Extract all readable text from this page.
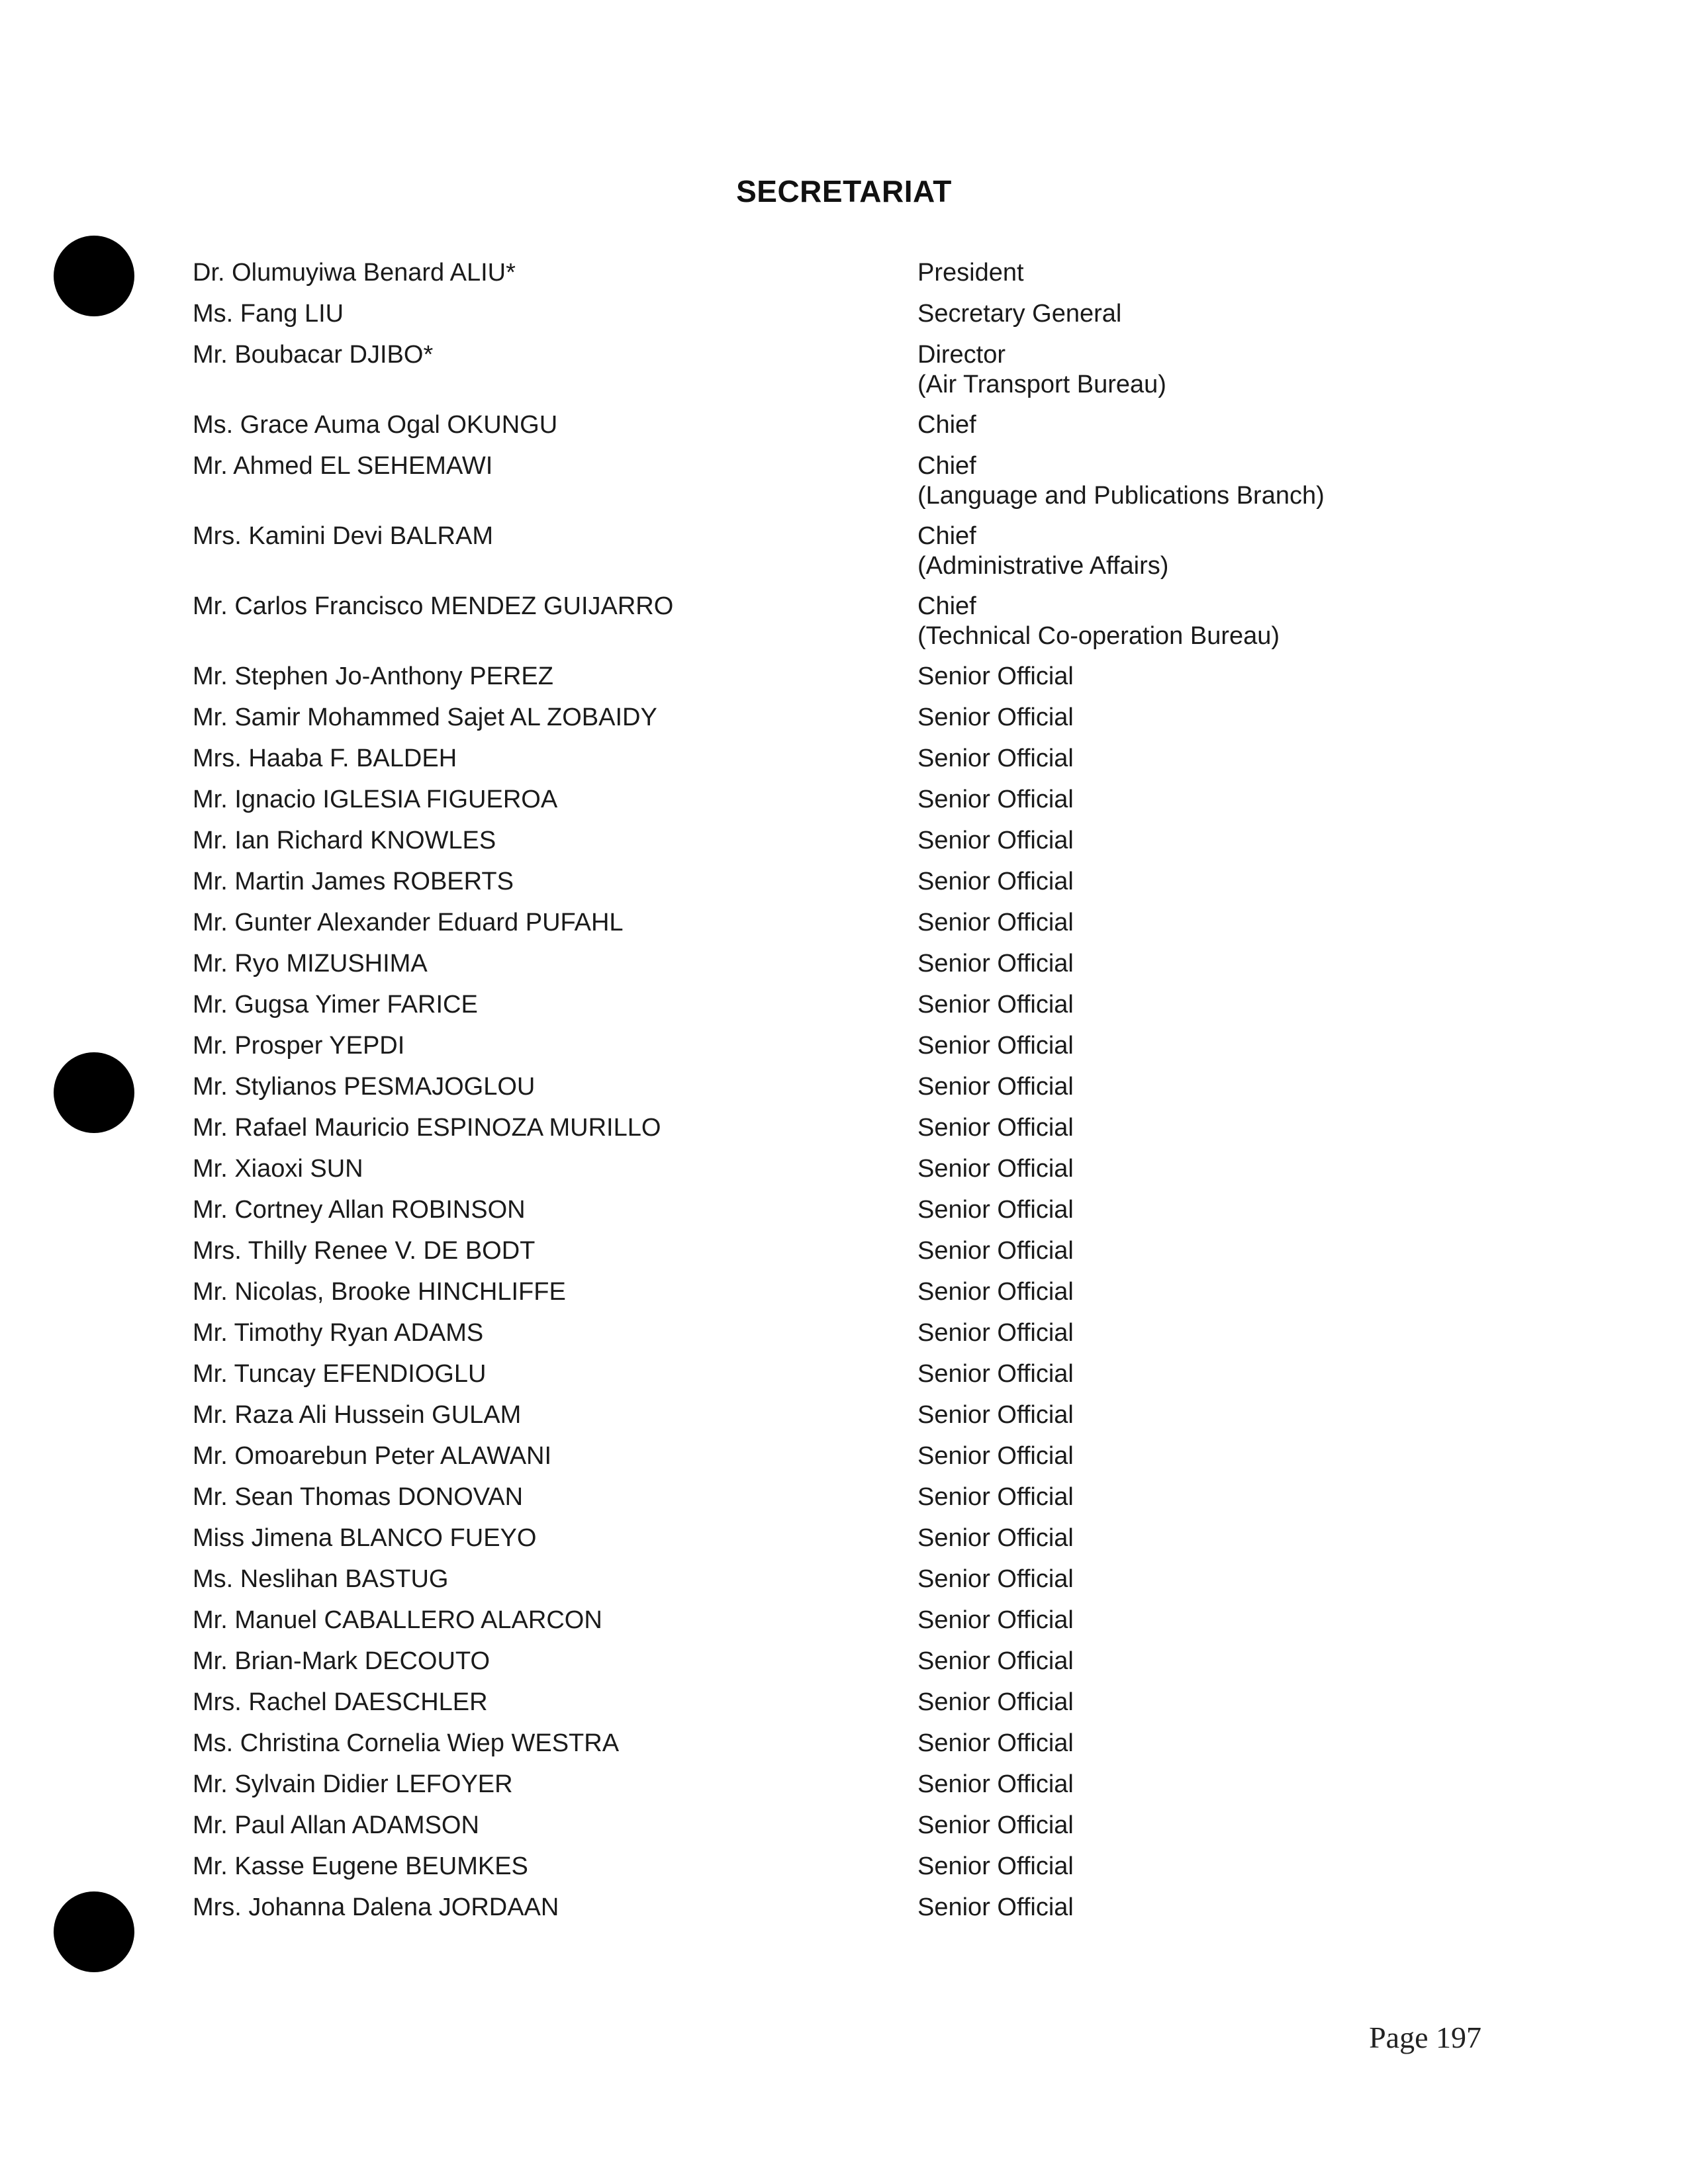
SECRETARIAT
Dr. Olumuyiwa Benard ALIU*	President
Ms. Fang LIU	Secretary General
Mr. Boubacar DJIBO*	Director
(Air Transport Bureau)
Ms. Grace Auma Ogal OKUNGU	Chief
Mr. Ahmed EL SEHEMAWI	Chief
(Language and Publications Branch)
Mrs. Kamini Devi BALRAM	Chief
(Administrative Affairs)
Mr. Carlos Francisco MENDEZ GUIJARRO	Chief
(Technical Co-operation Bureau)
Mr. Stephen Jo-Anthony PEREZ	Senior Official
Mr. Samir Mohammed Sajet AL ZOBAIDY	Senior Official
Mrs. Haaba F. BALDEH	Senior Official
Mr. Ignacio IGLESIA FIGUEROA	Senior Official
Mr. Ian Richard KNOWLES	Senior Official
Mr. Martin James ROBERTS	Senior Official
Mr. Gunter Alexander Eduard PUFAHL	Senior Official
Mr. Ryo MIZUSHIMA	Senior Official
Mr. Gugsa Yimer FARICE	Senior Official
Mr. Prosper YEPDI	Senior Official
Mr. Stylianos PESMAJOGLOU	Senior Official
Mr. Rafael Mauricio ESPINOZA MURILLO	Senior Official
Mr. Xiaoxi SUN	Senior Official
Mr. Cortney Allan ROBINSON	Senior Official
Mrs. Thilly Renee V. DE BODT	Senior Official
Mr. Nicolas, Brooke HINCHLIFFE	Senior Official
Mr. Timothy Ryan ADAMS	Senior Official
Mr. Tuncay EFENDIOGLU	Senior Official
Mr. Raza Ali Hussein GULAM	Senior Official
Mr. Omoarebun Peter ALAWANI	Senior Official
Mr. Sean Thomas DONOVAN	Senior Official
Miss Jimena BLANCO FUEYO	Senior Official
Ms. Neslihan BASTUG	Senior Official
Mr. Manuel CABALLERO ALARCON	Senior Official
Mr. Brian-Mark DECOUTO	Senior Official
Mrs. Rachel DAESCHLER	Senior Official
Ms. Christina Cornelia Wiep WESTRA	Senior Official
Mr. Sylvain Didier LEFOYER	Senior Official
Mr. Paul Allan ADAMSON	Senior Official
Mr. Kasse Eugene BEUMKES	Senior Official
Mrs. Johanna Dalena JORDAAN	Senior Official
Page 197
